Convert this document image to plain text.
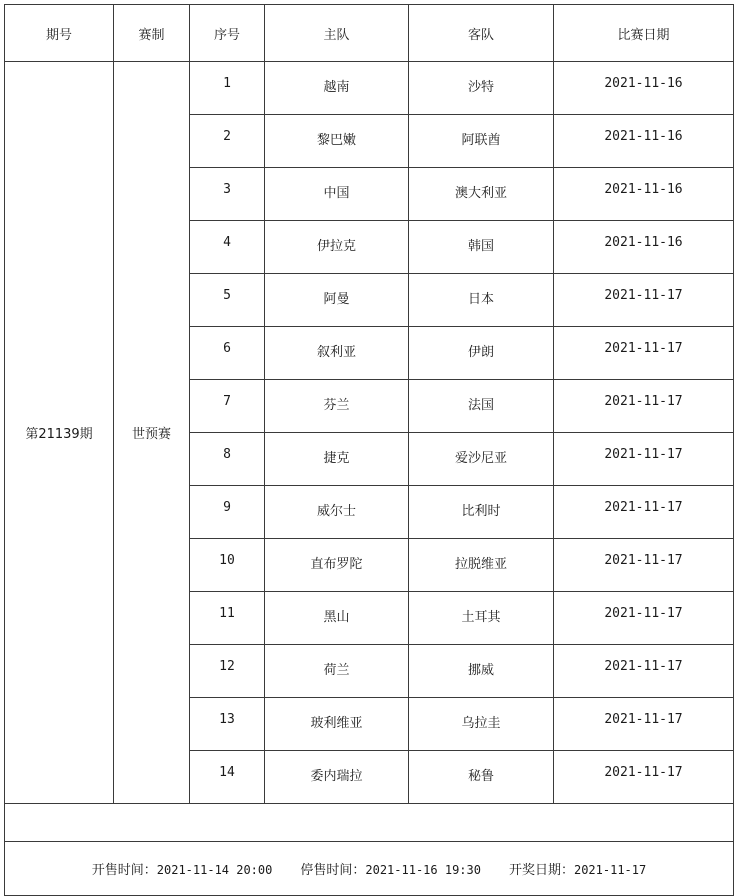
期号	赛制	序号	主队	客队	比赛日期
第21139期	世预赛	1	越南	沙特	2021-11-16
		2	黎巴嫩	阿联酋	2021-11-16
		3	中国	澳大利亚	2021-11-16
		4	伊拉克	韩国	2021-11-16
		5	阿曼	日本	2021-11-17
		6	叙利亚	伊朗	2021-11-17
		7	芬兰	法国	2021-11-17
		8	捷克	爱沙尼亚	2021-11-17
		9	威尔士	比利时	2021-11-17
		10	直布罗陀	拉脱维亚	2021-11-17
		11	黑山	土耳其	2021-11-17
		12	荷兰	挪威	2021-11-17
		13	玻利维亚	乌拉圭	2021-11-17
		14	委内瑞拉	秘鲁	2021-11-17

开售时间：2021-11-14 20:00 停售时间：2021-11-16 19:30 开奖日期：2021-11-17					
